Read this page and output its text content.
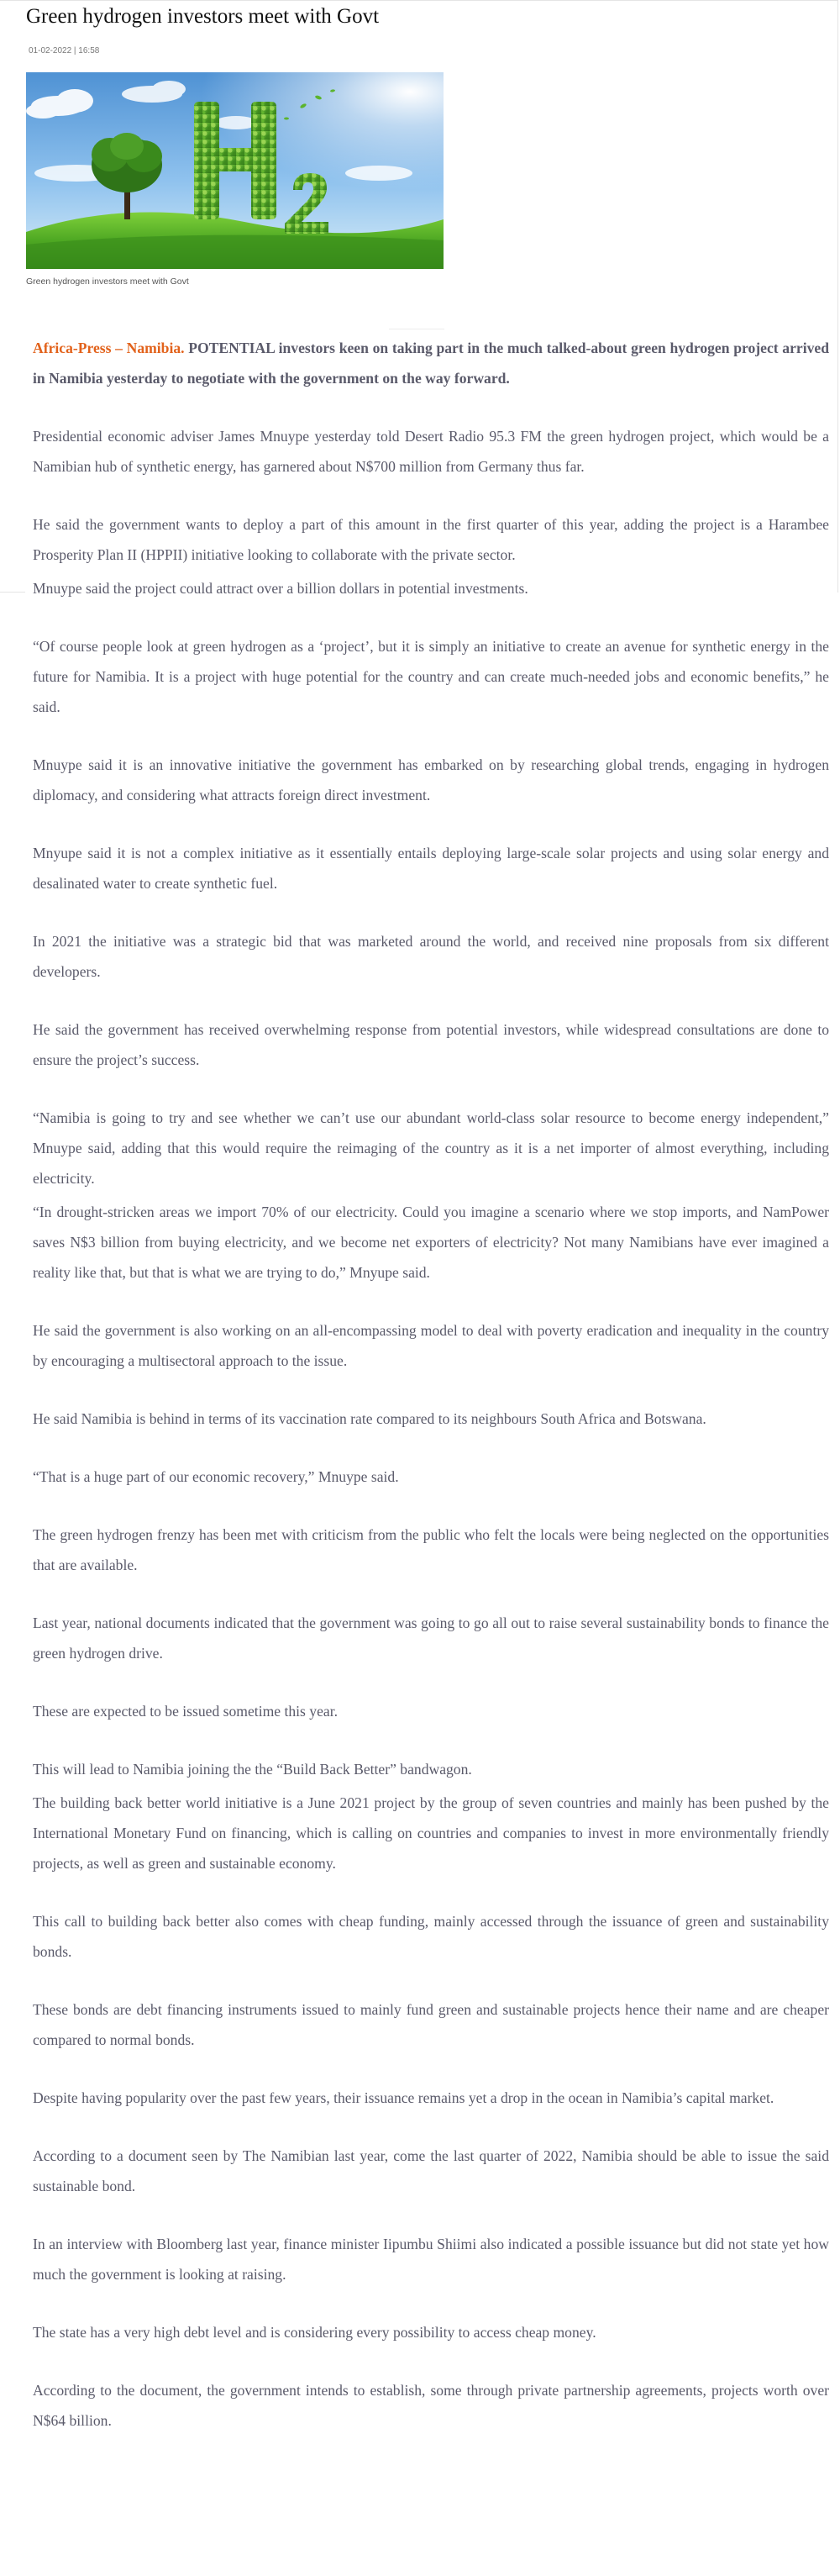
Green hydrogen investors meet with Govt
01-02-2022 | 16:58
Green hydrogen investors meet with Govt

Africa-Press – Namibia. POTENTIAL investors keen on taking part in the much talked-about green hydrogen project arrived in Namibia yesterday to negotiate with the government on the way forward.

Presidential economic adviser James Mnuype yesterday told Desert Radio 95.3 FM the green hydrogen project, which would be a Namibian hub of synthetic energy, has garnered about N$700 million from Germany thus far.

He said the government wants to deploy a part of this amount in the first quarter of this year, adding the project is a Harambee Prosperity Plan II (HPPII) initiative looking to collaborate with the private sector.

Mnuype said the project could attract over a billion dollars in potential investments.

“Of course people look at green hydrogen as a ‘project’, but it is simply an initiative to create an avenue for synthetic energy in the future for Namibia. It is a project with huge potential for the country and can create much-needed jobs and economic benefits,” he said.

Mnuype said it is an innovative initiative the government has embarked on by researching global trends, engaging in hydrogen diplomacy, and considering what attracts foreign direct investment.

Mnyupe said it is not a complex initiative as it essentially entails deploying large-scale solar projects and using solar energy and desalinated water to create synthetic fuel.

In 2021 the initiative was a strategic bid that was marketed around the world, and received nine proposals from six different developers.

He said the government has received overwhelming response from potential investors, while widespread consultations are done to ensure the project’s success.

“Namibia is going to try and see whether we can’t use our abundant world-class solar resource to become energy independent,” Mnuype said, adding that this would require the reimaging of the country as it is a net importer of almost everything, including electricity.

“In drought-stricken areas we import 70% of our electricity. Could you imagine a scenario where we stop imports, and NamPower saves N$3 billion from buying electricity, and we become net exporters of electricity? Not many Namibians have ever imagined a reality like that, but that is what we are trying to do,” Mnyupe said.

He said the government is also working on an all-encompassing model to deal with poverty eradication and inequality in the country by encouraging a multisectoral approach to the issue.

He said Namibia is behind in terms of its vaccination rate compared to its neighbours South Africa and Botswana.

“That is a huge part of our economic recovery,” Mnuype said.

The green hydrogen frenzy has been met with criticism from the public who felt the locals were being neglected on the opportunities that are available.

Last year, national documents indicated that the government was going to go all out to raise several sustainability bonds to finance the green hydrogen drive.

These are expected to be issued sometime this year.

This will lead to Namibia joining the the “Build Back Better” bandwagon.

The building back better world initiative is a June 2021 project by the group of seven countries and mainly has been pushed by the International Monetary Fund on financing, which is calling on countries and companies to invest in more environmentally friendly projects, as well as green and sustainable economy.

This call to building back better also comes with cheap funding, mainly accessed through the issuance of green and sustainability bonds.

These bonds are debt financing instruments issued to mainly fund green and sustainable projects hence their name and are cheaper compared to normal bonds.

Despite having popularity over the past few years, their issuance remains yet a drop in the ocean in Namibia’s capital market.

According to a document seen by The Namibian last year, come the last quarter of 2022, Namibia should be able to issue the said sustainable bond.

In an interview with Bloomberg last year, finance minister Iipumbu Shiimi also indicated a possible issuance but did not state yet how much the government is looking at raising.

The state has a very high debt level and is considering every possibility to access cheap money.

According to the document, the government intends to establish, some through private partnership agreements, projects worth over N$64 billion.
